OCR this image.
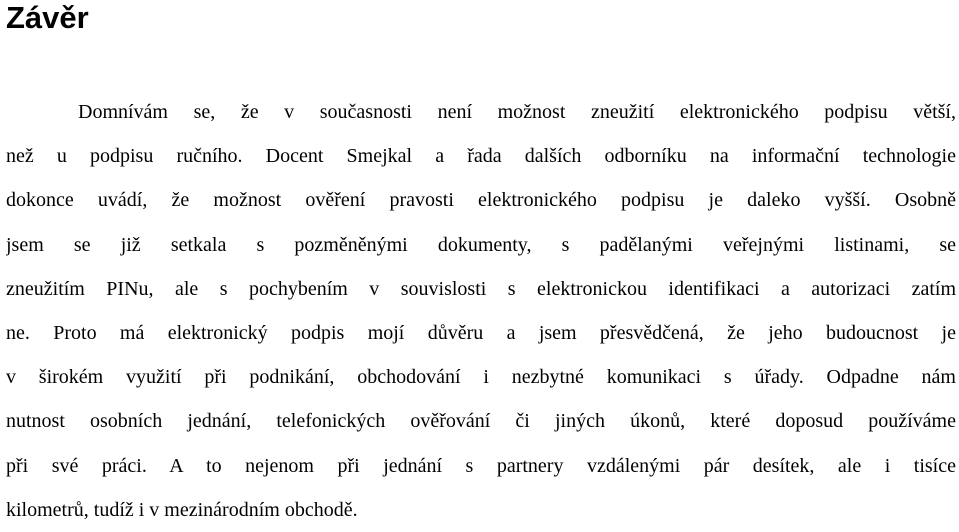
Závěr
Domnívám se, že v současnosti není možnost zneužití elektronického podpisu větší,
než u podpisu ručního. Docent Smejkal a řada dalších odborníku na informační technologie
dokonce uvádí, že možnost ověření pravosti elektronického podpisu je daleko vyšší. Osobně
jsem se již setkala s pozměněnými dokumenty, s padělanými veřejnými listinami, se
zneužitím PINu, ale s pochybením v souvislosti s elektronickou identifikaci a autorizaci zatím
ne. Proto má elektronický podpis mojí důvěru a jsem přesvědčená, že jeho budoucnost je
v širokém využití při podnikání, obchodování i nezbytné komunikaci s úřady. Odpadne nám
nutnost osobních jednání, telefonických ověřování či jiných úkonů, které doposud používáme
při své práci. A to nejenom při jednání s partnery vzdálenými pár desítek, ale i tisíce
kilometrů, tudíž i v mezinárodním obchodě.
